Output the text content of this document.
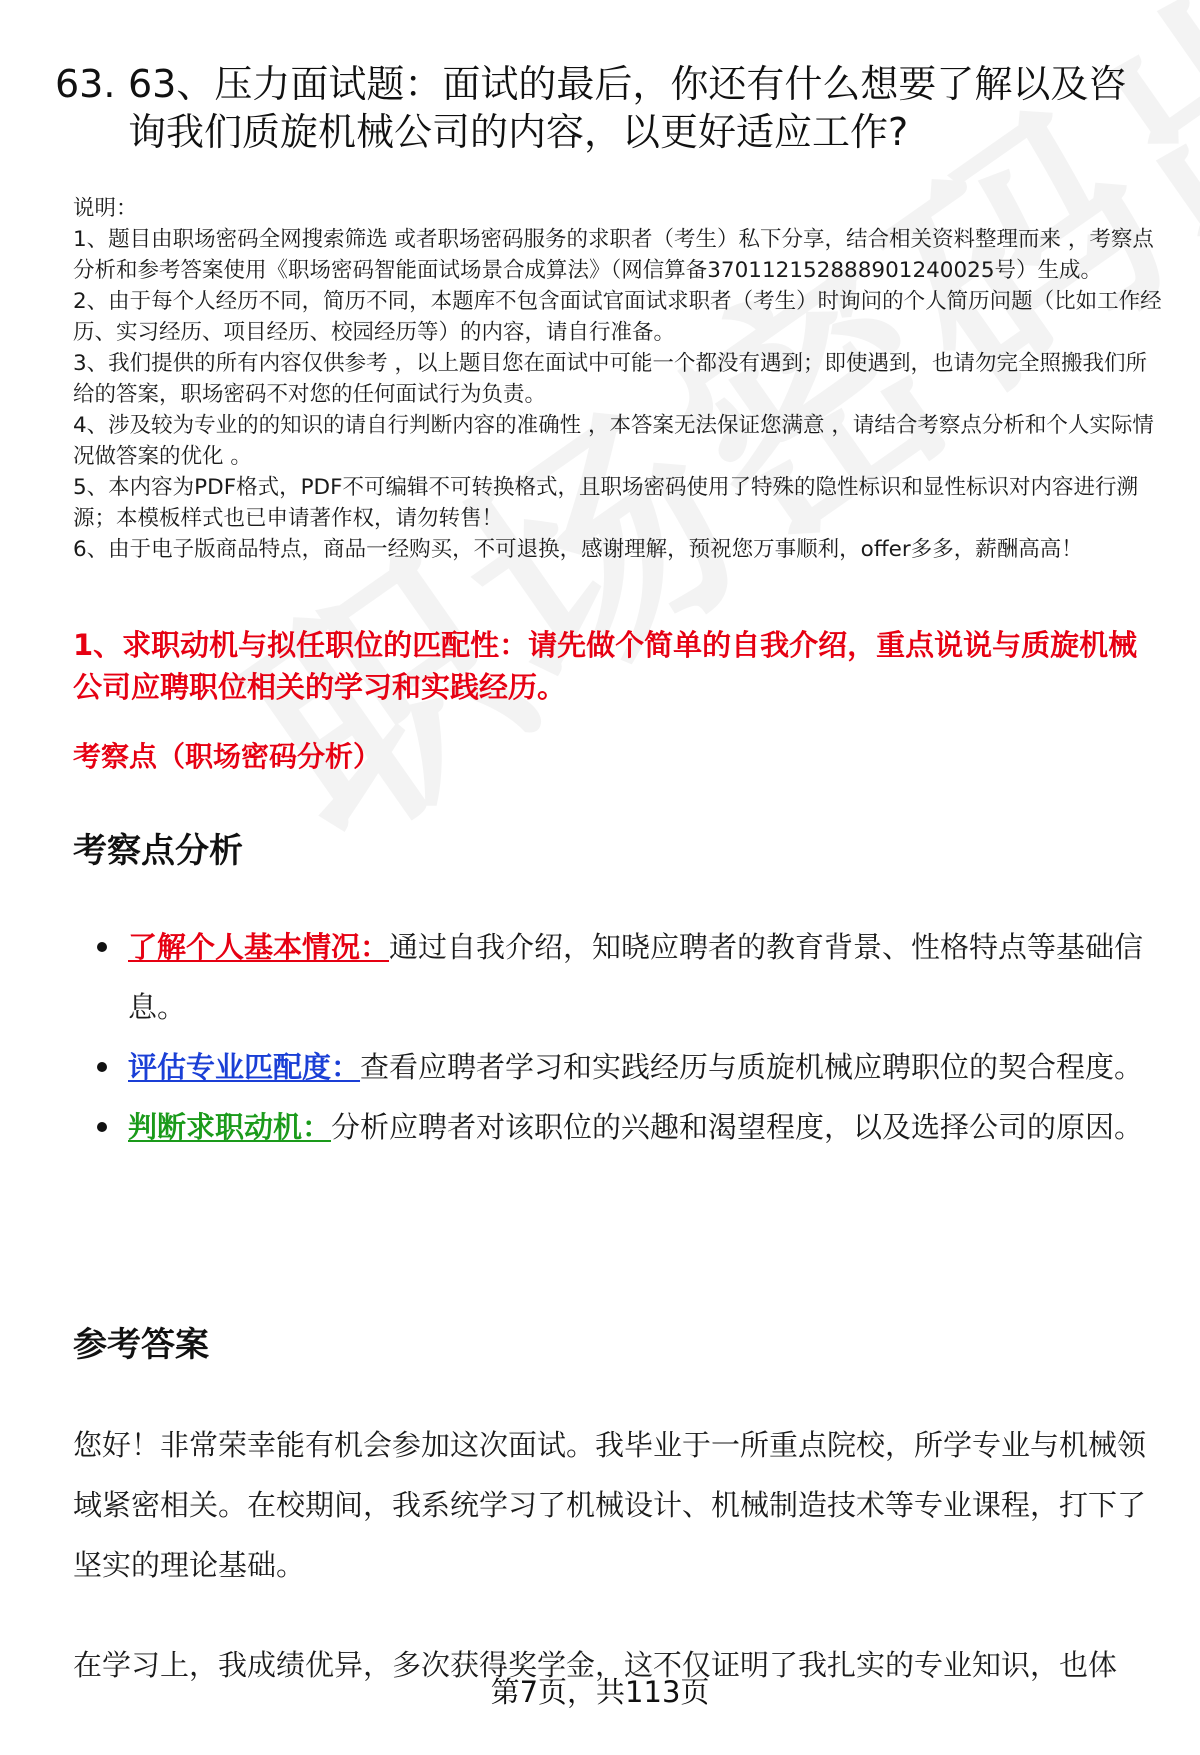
63. 63、压力面试题：面试的最后，你还有什么想要了解以及咨询我们质旋机械公司的内容，以更好适应工作?

说明：

1、题目由职场密码全网搜索筛选 或者职场密码服务的求职者（考生）私下分享，结合相关资料整理而来 ，考察点分析和参考答案使用《职场密码智能面试场景合成算法》（网信算备370112152888901240025号）生成。

2、由于每个人经历不同，简历不同，本题库不包含面试官面试求职者（考生）时询问的个人简历问题（比如工作经历、实习经历、项目经历、校园经历等）的内容，请自行准备。

3、我们提供的所有内容仅供参考 ，以上题目您在面试中可能一个都没有遇到；即使遇到，也请勿完全照搬我们所给的答案，职场密码不对您的任何面试行为负责。

4、涉及较为专业的的知识的请自行判断内容的准确性 ，本答案无法保证您满意 ，请结合考察点分析和个人实际情况做答案的优化 。

5、本内容为PDF格式，PDF不可编辑不可转换格式，且职场密码使用了特殊的隐性标识和显性标识对内容进行溯源；本模板样式也已申请著作权，请勿转售！

6、由于电子版商品特点，商品一经购买，不可退换，感谢理解，预祝您万事顺利，offer多多，薪酬高高！

1、求职动机与拟任职位的匹配性：请先做个简单的自我介绍，重点说说与质旋机械公司应聘职位相关的学习和实践经历。
考察点（职场密码分析）
考察点分析
了解个人基本情况：通过自我介绍，知晓应聘者的教育背景、性格特点等基础信息。
评估专业匹配度：查看应聘者学习和实践经历与质旋机械应聘职位的契合程度。
判断求职动机：分析应聘者对该职位的兴趣和渴望程度，以及选择公司的原因。
参考答案

您好！非常荣幸能有机会参加这次面试。我毕业于一所重点院校，所学专业与机械领域紧密相关。在校期间，我系统学习了机械设计、机械制造技术等专业课程，打下了坚实的理论基础。

在学习上，我成绩优异，多次获得奖学金，这不仅证明了我扎实的专业知识，也体

第7页，共113页
